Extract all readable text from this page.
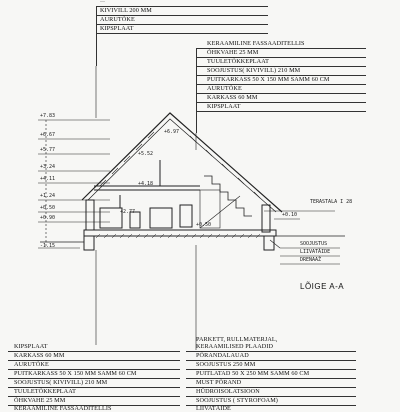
—
KIVIVILL 200 MM
AURUTÕKE
KIPSPLAAT
KERAAMILINE FASSAADITELLIS
ÕHKVAHE 25 MM
TUULETÕKKEPLAAT
SOOJUSTUS( KIVIVILL) 210 MM
PUITKARKASS 50 X 150 MM SAMM 60 CM
AURUTÕKE
KARKASS 60 MM
KIPSPLAAT
+7.83
+6.67
+5.77
+3.24
+4.11
+1.24
+0.50
+0.90
-1.15
+6.97
+5.52
+4.18
+2.77
+0.50
TERASTALA I 28
+0.10
SOOJUSTUS
LIIVATÄIDE
DRENAAŽ
LÕIGE A-A
KIPSPLAAT
KARKASS 60 MM
AURUTÕKE
PUITKARKASS 50 X 150 MM SAMM 60 CM
SOOJUSTUS( KIVIVILL) 210 MM
TUULETÕKKEPLAAT
ÕHKVAHE 25 MM
KERAAMILINE FASSAADITELLIS
PARKETT, RULLMATERJAL,
KERAAMILISED PLAADID
PÕRANDALAUAD
SOOJUSTUS 250 MM
PUITLATAD 50 X 250 MM SAMM 60 CM
MUST PÕRAND
HÜDROISOLATSIOON
SOOJUSTUS ( STYROFOAM)
LIIVATÄIDE
